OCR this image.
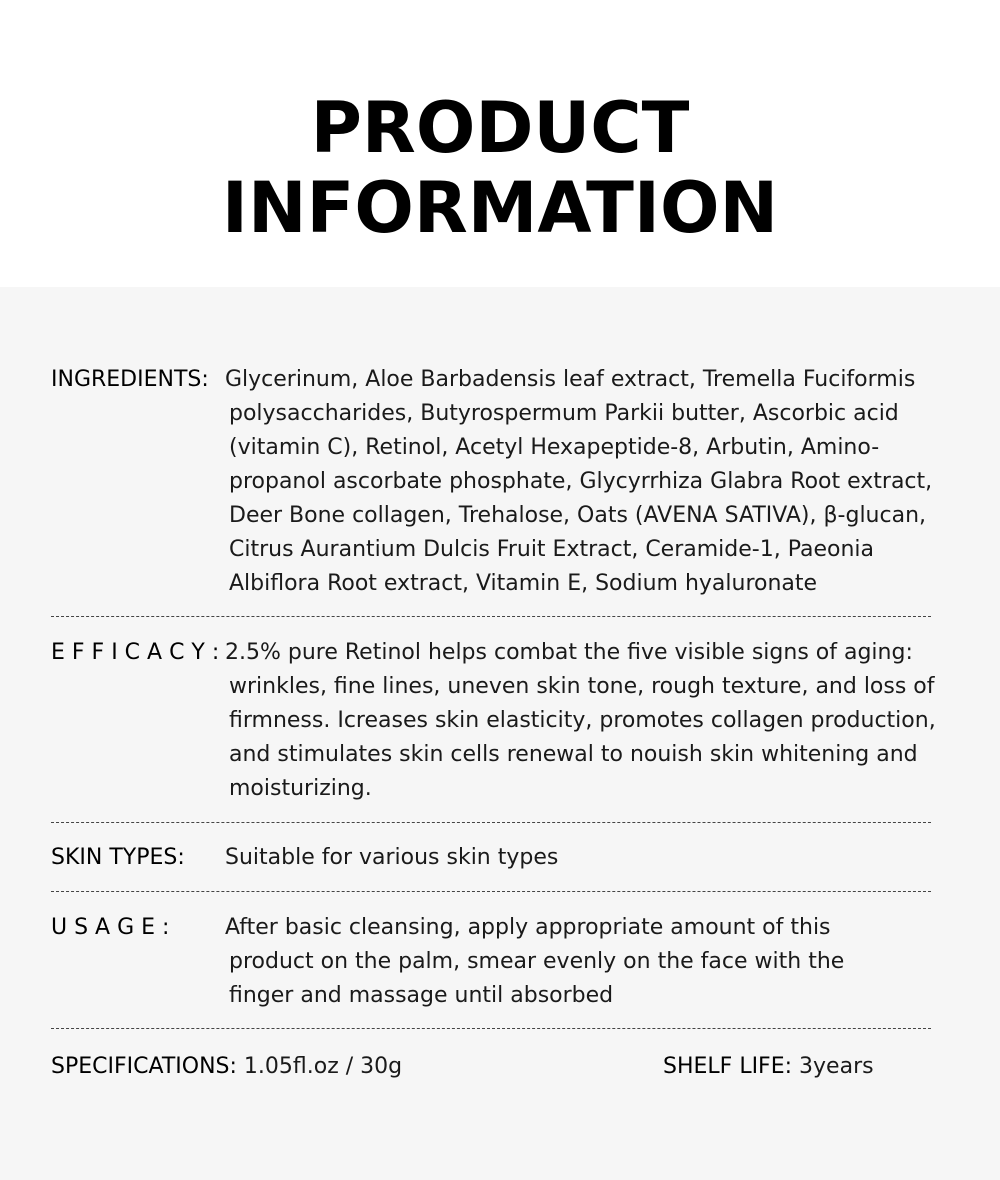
PRODUCT
INFORMATION
INGREDIENTS: Glycerinum, Aloe Barbadensis leaf extract, Tremella Fuciformis polysaccharides, Butyrospermum Parkii butter, Ascorbic acid (vitamin C), Retinol, Acetyl Hexapeptide-8, Arbutin, Amino-propanol ascorbate phosphate, Glycyrrhiza Glabra Root extract, Deer Bone collagen, Trehalose, Oats (AVENA SATIVA), β-glucan, Citrus Aurantium Dulcis Fruit Extract, Ceramide-1, Paeonia Albiflora Root extract, Vitamin E, Sodium hyaluronate
E F F I C A C Y : 2.5% pure Retinol helps combat the five visible signs of aging: wrinkles, fine lines, uneven skin tone, rough texture, and loss of firmness. Icreases skin elasticity, promotes collagen production, and stimulates skin cells renewal to nouish skin whitening and moisturizing.
SKIN TYPES: Suitable for various skin types
U S A G E :	After basic cleansing, apply appropriate amount of this product on the palm, smear evenly on the face with the finger and massage until absorbed
SPECIFICATIONS: 1.05fl.oz / 30g	SHELF LIFE: 3years
